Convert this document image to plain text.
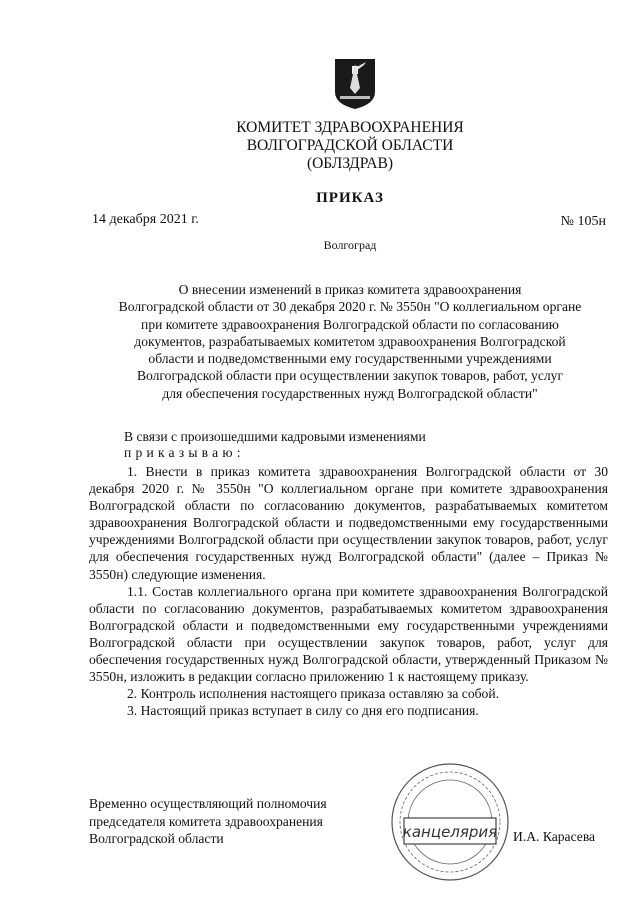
КОМИТЕТ ЗДРАВООХРАНЕНИЯ
ВОЛГОГРАДСКОЙ ОБЛАСТИ
(ОБЛЗДРАВ)
ПРИКАЗ
14 декабря 2021 г.	№ 105н
Волгоград
О внесении изменений в приказ комитета здравоохранения
Волгоградской области от 30 декабря 2020 г. № 3550н "О коллегиальном органе
при комитете здравоохранения Волгоградской области по согласованию
документов, разрабатываемых комитетом здравоохранения Волгоградской
области и подведомственными ему государственными учреждениями
Волгоградской области при осуществлении закупок товаров, работ, услуг
для обеспечения государственных нужд Волгоградской области"
В связи с произошедшими кадровыми изменениями
приказываю:

1. Внести в приказ комитета здравоохранения Волгоградской области от 30 декабря 2020 г. № 3550н "О коллегиальном органе при комитете здравоохранения Волгоградской области по согласованию документов, разрабатываемых комитетом здравоохранения Волгоградской области и подведомственными ему государственными учреждениями Волгоградской области при осуществлении закупок товаров, работ, услуг для обеспечения государственных нужд Волгоградской области" (далее – Приказ № 3550н) следующие изменения.

1.1. Состав коллегиального органа при комитете здравоохранения Волгоградской области по согласованию документов, разрабатываемых комитетом здравоохранения Волгоградской области и подведомственными ему государственными учреждениями Волгоградской области при осуществлении закупок товаров, работ, услуг для обеспечения государственных нужд Волгоградской области, утвержденный Приказом № 3550н, изложить в редакции согласно приложению 1 к настоящему приказу.

2. Контроль исполнения настоящего приказа оставляю за собой.

3. Настоящий приказ вступает в силу со дня его подписания.

Временно осуществляющий полномочия
председателя комитета здравоохранения
Волгоградской области	канцелярия И.А. Карасева
